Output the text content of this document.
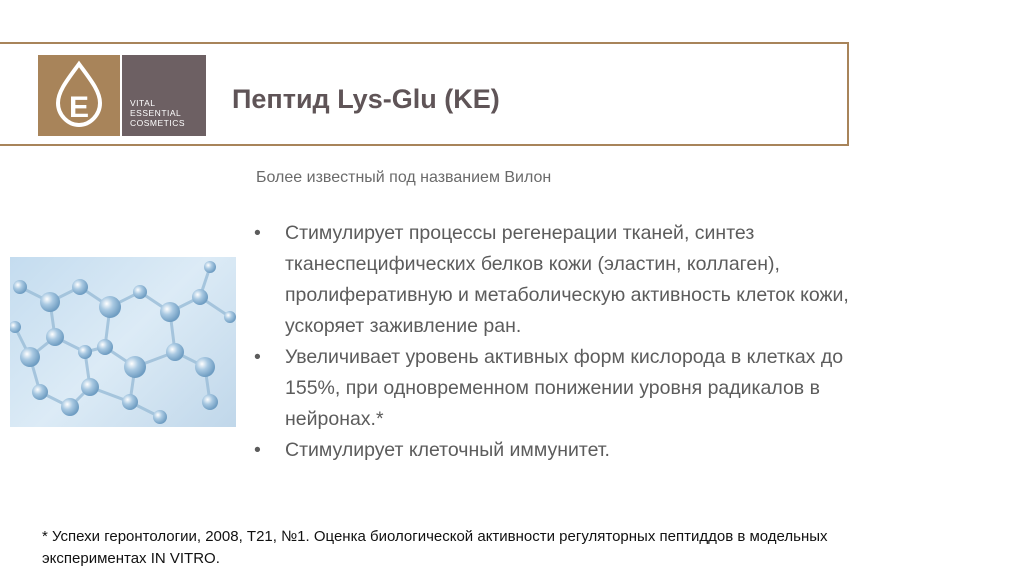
E	VITAL
ESSENTIAL
COSMETICS
Пептид Lys-Glu (KE)
Более известный под названием Вилон
• Стимулирует процессы регенерации тканей, синтез тканеспецифических белков кожи (эластин, коллаген), пролиферативную и метаболическую активность клеток кожи, ускоряет заживление ран.
• Увеличивает уровень активных форм кислорода в клетках до 155%, при одновременном понижении уровня радикалов в нейронах.*
• Стимулирует клеточный иммунитет.
* Успехи геронтологии, 2008, Т21, №1. Оценка биологической активности регуляторных пептиддов в модельных экспериментах IN VITRO.
